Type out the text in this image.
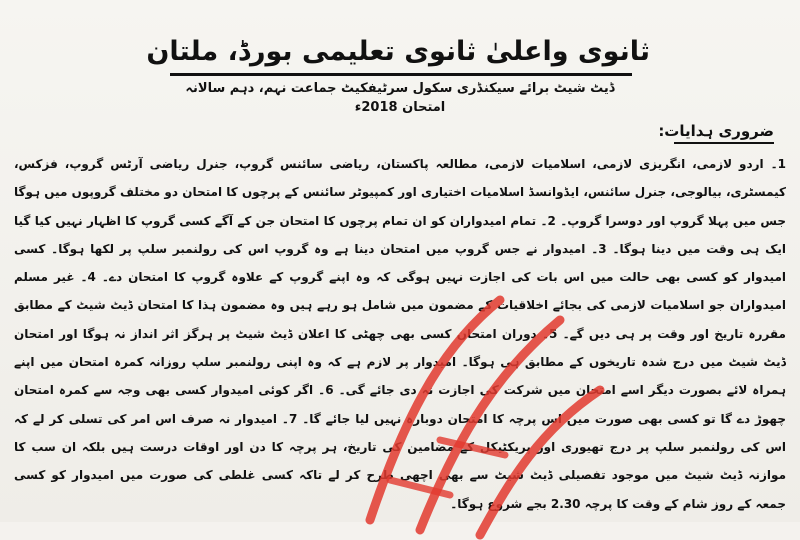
ثانوی واعلیٰ ثانوی تعلیمی بورڈ، ملتان
ڈیٹ شیٹ برائے سیکنڈری سکول سرٹیفکیٹ جماعت نہم، دہم سالانہ امتحان 2018ء
ضروری ہدایات:
1۔ اردو لازمی، انگریزی لازمی، اسلامیات لازمی، مطالعہ پاکستان، ریاضی سائنس گروپ، جنرل ریاضی آرٹس گروپ، فزکس، کیمسٹری، بیالوجی، جنرل سائنس، ایڈوانسڈ اسلامیات اختیاری اور کمپیوٹر سائنس کے پرچوں کا امتحان دو مختلف گروپوں میں ہوگا جس میں پہلا گروپ اور دوسرا گروپ۔ 2۔ تمام امیدواران کو ان تمام پرچوں کا امتحان جن کے آگے کسی گروپ کا اظہار نہیں کیا گیا ایک ہی وقت میں دینا ہوگا۔ 3۔ امیدوار نے جس گروپ میں امتحان دینا ہے وہ گروپ اس کی رولنمبر سلپ پر لکھا ہوگا۔ کسی امیدوار کو کسی بھی حالت میں اس بات کی اجازت نہیں ہوگی کہ وہ اپنے گروپ کے علاوہ گروپ کا امتحان دے۔ 4۔ غیر مسلم امیدواران جو اسلامیات لازمی کی بجائے اخلاقیات کے مضمون میں شامل ہو رہے ہیں وہ مضمون ہذا کا امتحان ڈیٹ شیٹ کے مطابق مقررہ تاریخ اور وقت پر ہی دیں گے۔ 5۔ دوران امتحان کسی بھی چھٹی کا اعلان ڈیٹ شیٹ پر ہرگز اثر انداز نہ ہوگا اور امتحان ڈیٹ شیٹ میں درج شدہ تاریخوں کے مطابق ہی ہوگا۔ امیدوار پر لازم ہے کہ وہ اپنی رولنمبر سلپ روزانہ کمرہ امتحان میں اپنے ہمراہ لائے بصورت دیگر اسے امتحان میں شرکت کی اجازت نہ دی جائے گی۔ 6۔ اگر کوئی امیدوار کسی بھی وجہ سے کمرہ امتحان چھوڑ دے گا تو کسی بھی صورت میں اس پرچہ کا امتحان دوبارہ نہیں لیا جائے گا۔ 7۔ امیدوار نہ صرف اس امر کی تسلی کر لے کہ اس کی رولنمبر سلپ پر درج تھیوری اور پریکٹیکل کے مضامین کی تاریخ، ہر پرچہ کا دن اور اوقات درست ہیں بلکہ ان سب کا موازنہ ڈیٹ شیٹ میں موجود تفصیلی ڈیٹ شیٹ سے بھی اچھی طرح کر لے تاکہ کسی غلطی کی صورت میں امیدوار کو کسی
جمعہ کے روز شام کے وقت کا پرچہ 2.30 بجے شروع ہوگا۔
